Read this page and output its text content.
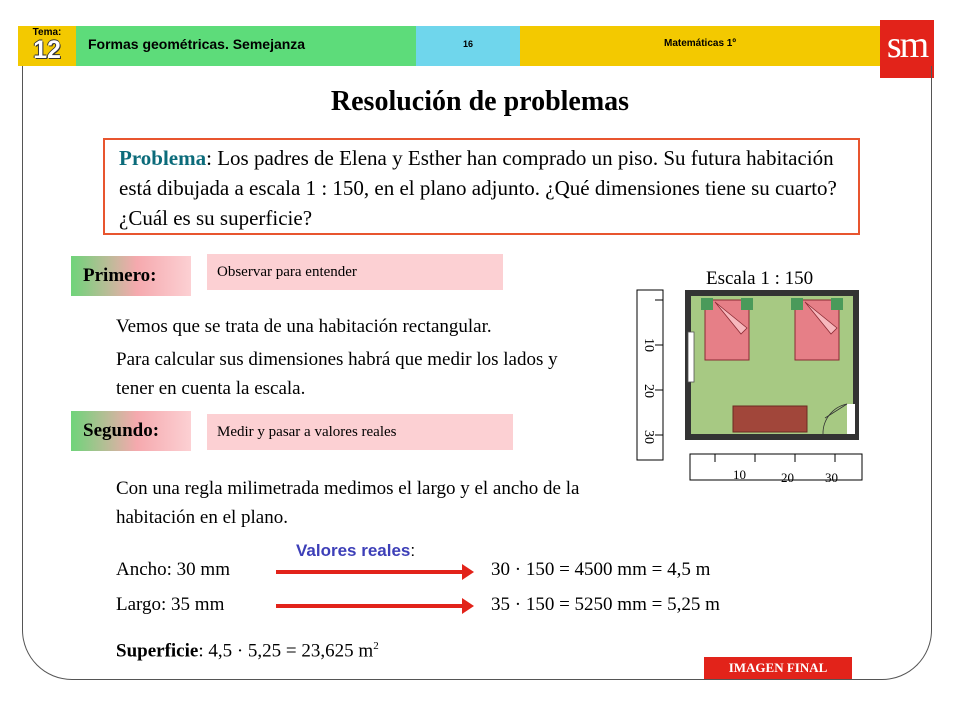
Tema:
12	Formas geométricas. Semejanza	16	Matemáticas 1º	sm
Resolución de problemas
Problema: Los padres de Elena y Esther han comprado un piso. Su futura habitación está dibujada a escala 1 : 150, en el plano adjunto. ¿Qué dimensiones tiene su cuarto? ¿Cuál es su superficie?
Primero:	Observar para entender
Vemos que se trata de una habitación rectangular.
Para calcular sus dimensiones habrá que medir los lados y tener en cuenta la escala.
Segundo:	Medir y pasar a valores reales
Con una regla milimetrada medimos el largo y el ancho de la habitación en el plano.
Valores reales:
Ancho: 30 mm	30 · 150 = 4500 mm = 4,5 m
Largo: 35 mm	35 · 150 = 5250 mm = 5,25 m
Superficie: 4,5 · 5,25 = 23,625 $m^2$
Escala 1 : 150
10
20
30
10	20 30
IMAGEN FINAL
